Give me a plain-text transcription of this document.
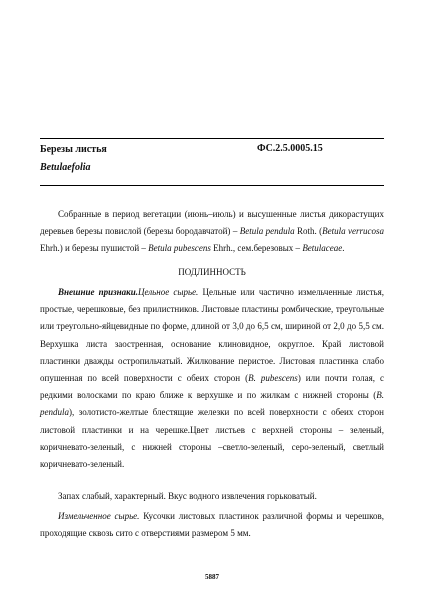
Березы листья
Betulaefolia
ФС.2.5.0005.15
Собранные в период вегетации (июнь–июль) и высушенные листья дикорастущих деревьев березы повислой (березы бородавчатой) – Betula pendula Roth. (Betula verrucosa Ehrh.) и березы пушистой – Betula pubescens Ehrh., сем.березовых – Betulaceae.
ПОДЛИННОСТЬ
Внешние признаки.Цельное сырье. Цельные или частично измельченные листья, простые, черешковые, без прилистников. Листовые пластины ромбические, треугольные или треугольно-яйцевидные по форме, длиной от 3,0 до 6,5 см, шириной от 2,0 до 5,5 см. Верхушка листа заостренная, основание клиновидное, округлое. Край листовой пластинки дважды остропильчатый. Жилкование перистое. Листовая пластинка слабо опушенная по всей поверхности с обеих сторон (B. pubescens) или почти голая, с редкими волосками по краю ближе к верхушке и по жилкам с нижней стороны (B. pendula), золотисто-желтые блестящие железки по всей поверхности с обеих сторон листовой пластинки и на черешке.Цвет листьев с верхней стороны – зеленый, коричневато-зеленый, с нижней стороны –светло-зеленый, серо-зеленый, светлый коричневато-зеленый.
Запах слабый, характерный. Вкус водного извлечения горьковатый.
Измельченное сырье. Кусочки листовых пластинок различной формы и черешков, проходящие сквозь сито с отверстиями размером 5 мм.
5887
